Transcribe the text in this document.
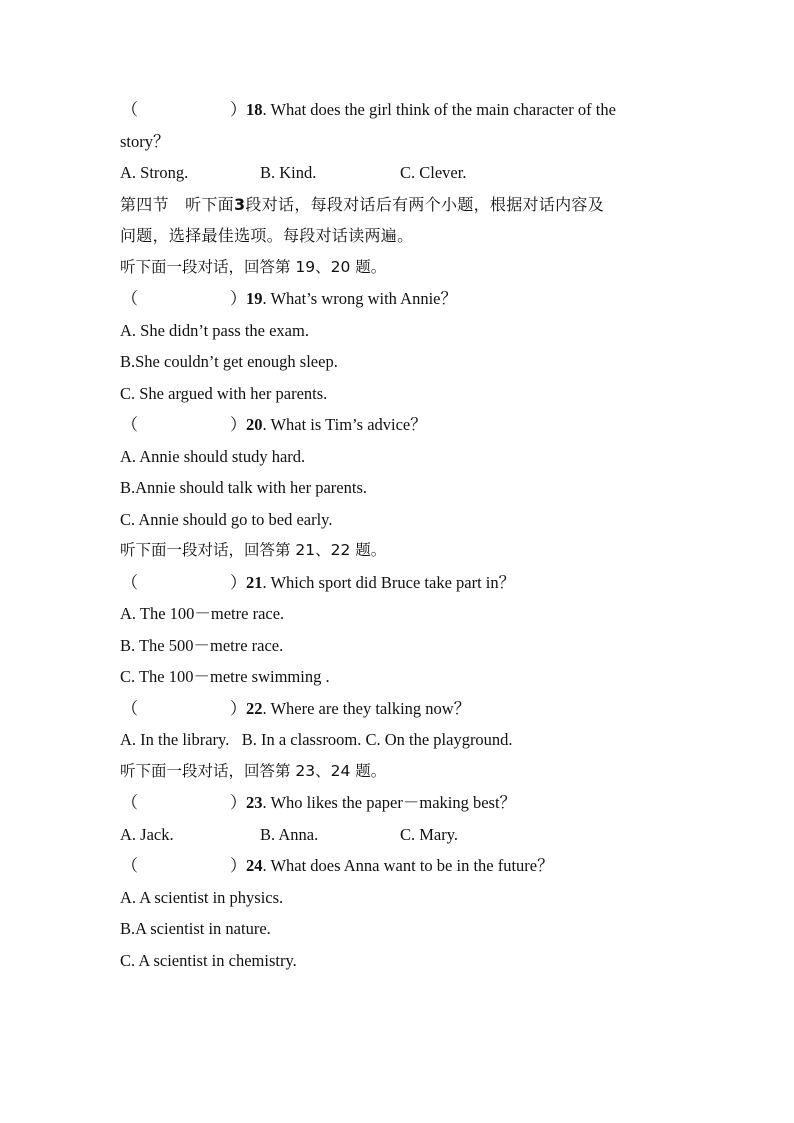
（	）18. What does the girl think of the main character of the
story？
A. Strong.	B. Kind.	C. Clever.
第四节 听下面3段对话，每段对话后有两个小题，根据对话内容及
问题，选择最佳选项。每段对话读两遍。
听下面一段对话，回答第 19、20 题。
（	）19. What’s wrong with Annie？
A. She didn’t pass the exam.
B.She couldn’t get enough sleep.
C. She argued with her parents.
（	）20. What is Tim’s advice？
A. Annie should study hard.
B.Annie should talk with her parents.
C. Annie should go to bed early.
听下面一段对话，回答第 21、22 题。
（	）21. Which sport did Bruce take part in？
A. The 100－metre race.
B. The 500－metre race.
C. The 100－metre swimming .
（	）22. Where are they talking now？
A. In the library.   B. In a classroom. C. On the playground.
听下面一段对话，回答第 23、24 题。
（	）23. Who likes the paper－making best？
A. Jack.	B. Anna.	C. Mary.
（	）24. What does Anna want to be in the future？
A. A scientist in physics.
B.A scientist in nature.
C. A scientist in chemistry.
